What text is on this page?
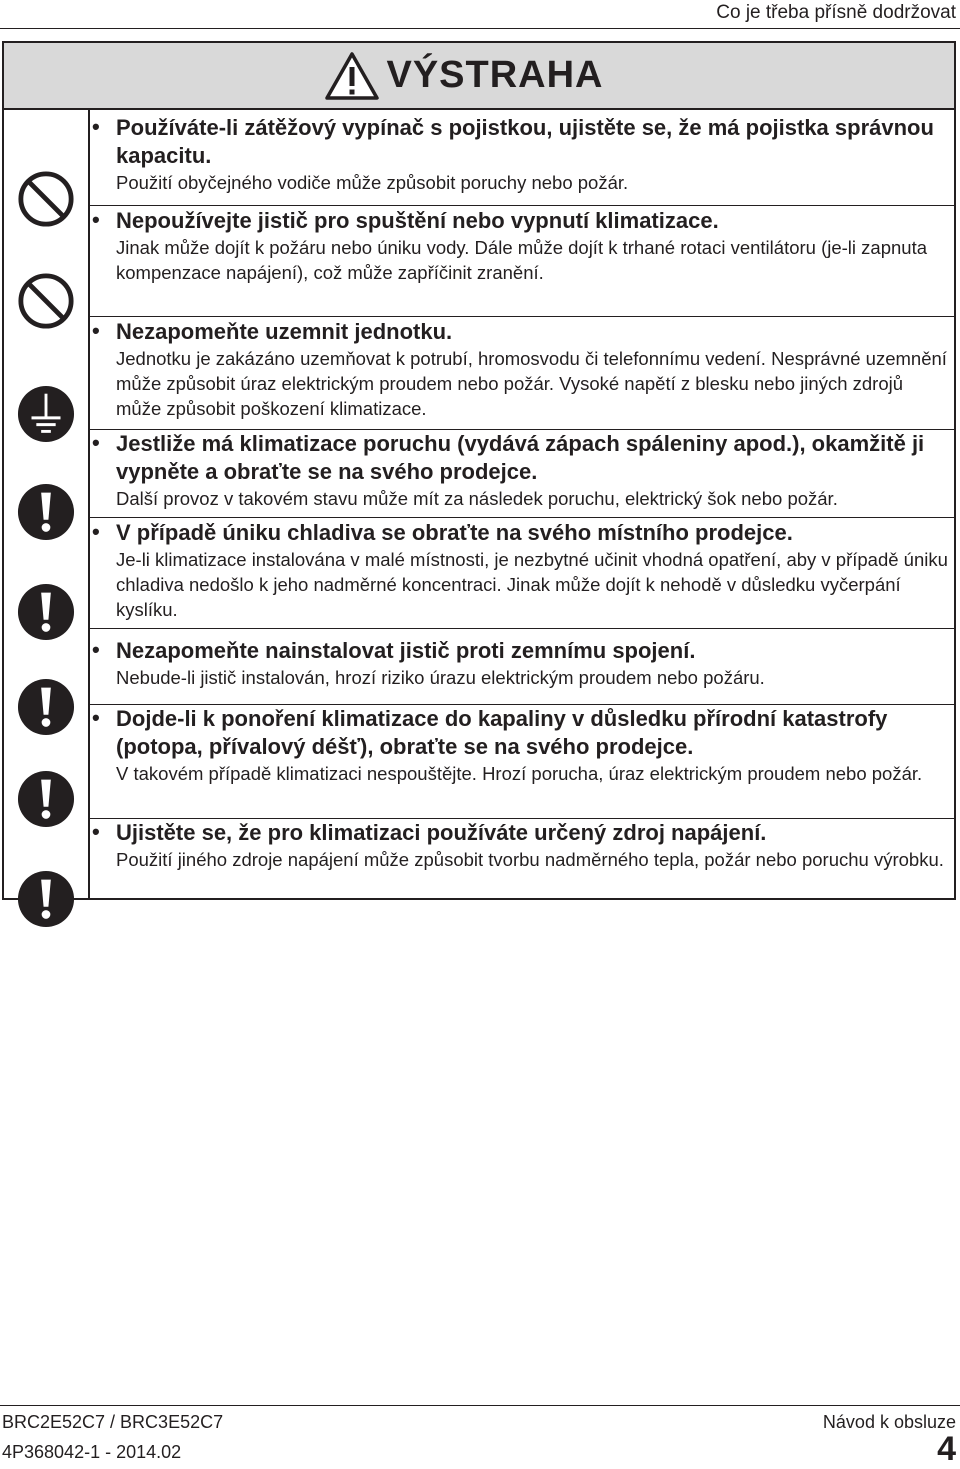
Co je třeba přísně dodržovat
VÝSTRAHA
• Používáte-li zátěžový vypínač s pojistkou, ujistěte se, že má pojistka správnou kapacitu.
Použití obyčejného vodiče může způsobit poruchy nebo požár.
• Nepoužívejte jistič pro spuštění nebo vypnutí klimatizace.
Jinak může dojít k požáru nebo úniku vody. Dále může dojít k trhané rotaci ventilátoru (je-li zapnuta kompenzace napájení), což může zapříčinit zranění.
• Nezapomeňte uzemnit jednotku.
Jednotku je zakázáno uzemňovat k potrubí, hromosvodu či telefonnímu vedení. Nesprávné uzemnění může způsobit úraz elektrickým proudem nebo požár. Vysoké napětí z blesku nebo jiných zdrojů může způsobit poškození klimatizace.
• Jestliže má klimatizace poruchu (vydává zápach spáleniny apod.), okamžitě ji vypněte a obraťte se na svého prodejce.
Další provoz v takovém stavu může mít za následek poruchu, elektrický šok nebo požár.
• V případě úniku chladiva se obraťte na svého místního prodejce.
Je-li klimatizace instalována v malé místnosti, je nezbytné učinit vhodná opatření, aby v případě úniku chladiva nedošlo k jeho nadměrné koncentraci. Jinak může dojít k nehodě v důsledku vyčerpání kyslíku.
• Nezapomeňte nainstalovat jistič proti zemnímu spojení.
Nebude-li jistič instalován, hrozí riziko úrazu elektrickým proudem nebo požáru.
• Dojde-li k ponoření klimatizace do kapaliny v důsledku přírodní katastrofy (potopa, přívalový déšť), obraťte se na svého prodejce.
V takovém případě klimatizaci nespouštějte. Hrozí porucha, úraz elektrickým proudem nebo požár.
• Ujistěte se, že pro klimatizaci používáte určený zdroj napájení.
Použití jiného zdroje napájení může způsobit tvorbu nadměrného tepla, požár nebo poruchu výrobku.
BRC2E52C7 / BRC3E52C7	Návod k obsluze
4P368042-1 - 2014.02	4
